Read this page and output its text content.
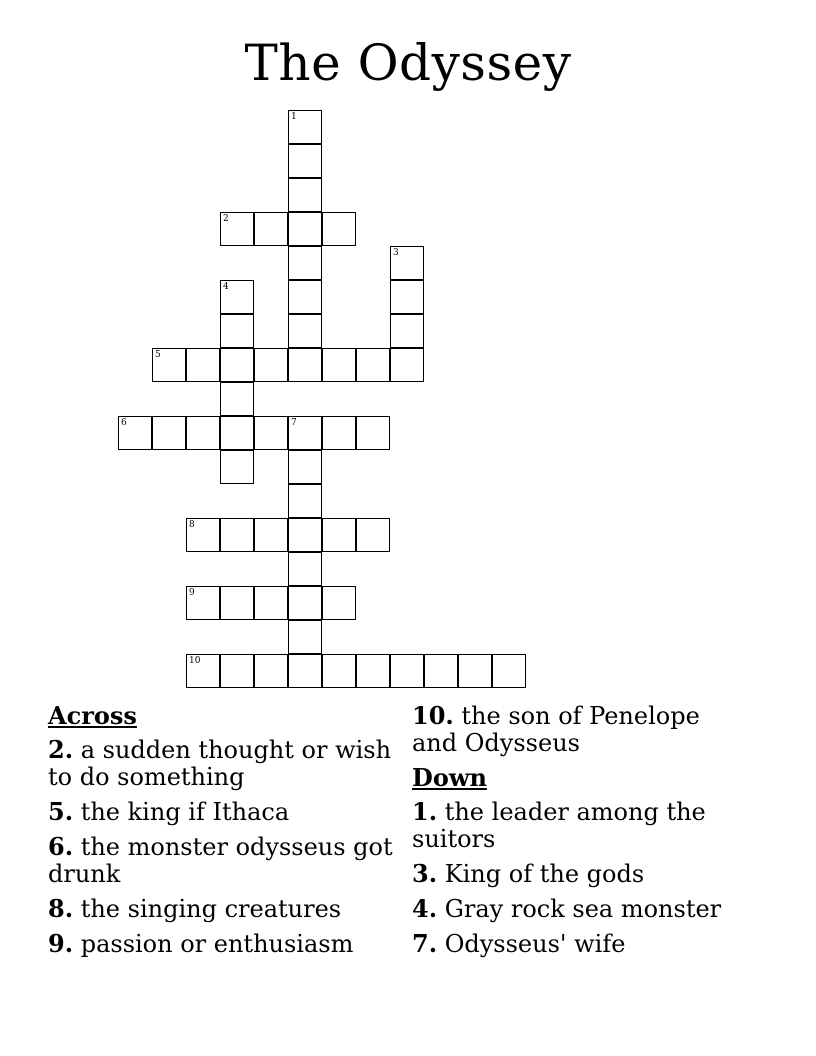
The Odyssey
1
2
3
4
5
6	7
8
9
10
Across
2. a sudden thought or wish to do something
5. the king if Ithaca
6. the monster odysseus got drunk
8. the singing creatures
9. passion or enthusiasm
10. the son of Penelope and Odysseus
Down
1. the leader among the suitors
3. King of the gods
4. Gray rock sea monster
7. Odysseus' wife
